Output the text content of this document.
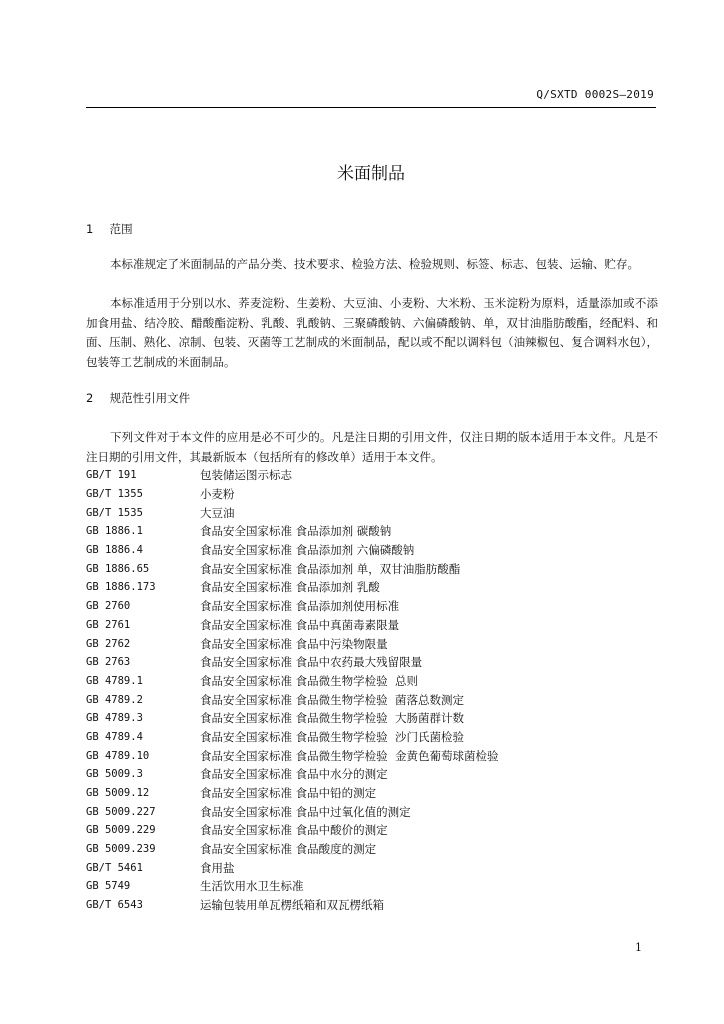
Q/SXTD 0002S—2019
米面制品
1 范围
本标准规定了米面制品的产品分类、技术要求、检验方法、检验规则、标签、标志、包装、运输、贮存。
本标准适用于分别以水、荞麦淀粉、生姜粉、大豆油、小麦粉、大米粉、玉米淀粉为原料，适量添加或不添加食用盐、结冷胶、醋酸酯淀粉、乳酸、乳酸钠、三聚磷酸钠、六偏磷酸钠、单，双甘油脂肪酸酯，经配料、和面、压制、熟化、凉制、包装、灭菌等工艺制成的米面制品，配以或不配以调料包（油辣椒包、复合调料水包），包装等工艺制成的米面制品。
2 规范性引用文件
下列文件对于本文件的应用是必不可少的。凡是注日期的引用文件，仅注日期的版本适用于本文件。凡是不注日期的引用文件，其最新版本（包括所有的修改单）适用于本文件。
GB/T 191	包装储运图示标志
GB/T 1355	小麦粉
GB/T 1535	大豆油
GB 1886.1	食品安全国家标准 食品添加剂 碳酸钠
GB 1886.4	食品安全国家标准 食品添加剂 六偏磷酸钠
GB 1886.65	食品安全国家标准 食品添加剂 单，双甘油脂肪酸酯
GB 1886.173	食品安全国家标准 食品添加剂 乳酸
GB 2760	食品安全国家标准 食品添加剂使用标准
GB 2761	食品安全国家标准 食品中真菌毒素限量
GB 2762	食品安全国家标准 食品中污染物限量
GB 2763	食品安全国家标准 食品中农药最大残留限量
GB 4789.1	食品安全国家标准 食品微生物学检验  总则
GB 4789.2	食品安全国家标准 食品微生物学检验  菌落总数测定
GB 4789.3	食品安全国家标准 食品微生物学检验  大肠菌群计数
GB 4789.4	食品安全国家标准 食品微生物学检验  沙门氏菌检验
GB 4789.10	食品安全国家标准 食品微生物学检验  金黄色葡萄球菌检验
GB 5009.3	食品安全国家标准 食品中水分的测定
GB 5009.12	食品安全国家标准 食品中铅的测定
GB 5009.227	食品安全国家标准 食品中过氧化值的测定
GB 5009.229	食品安全国家标准 食品中酸价的测定
GB 5009.239	食品安全国家标准 食品酸度的测定
GB/T 5461	食用盐
GB 5749	生活饮用水卫生标准
GB/T 6543	运输包装用单瓦楞纸箱和双瓦楞纸箱
1
